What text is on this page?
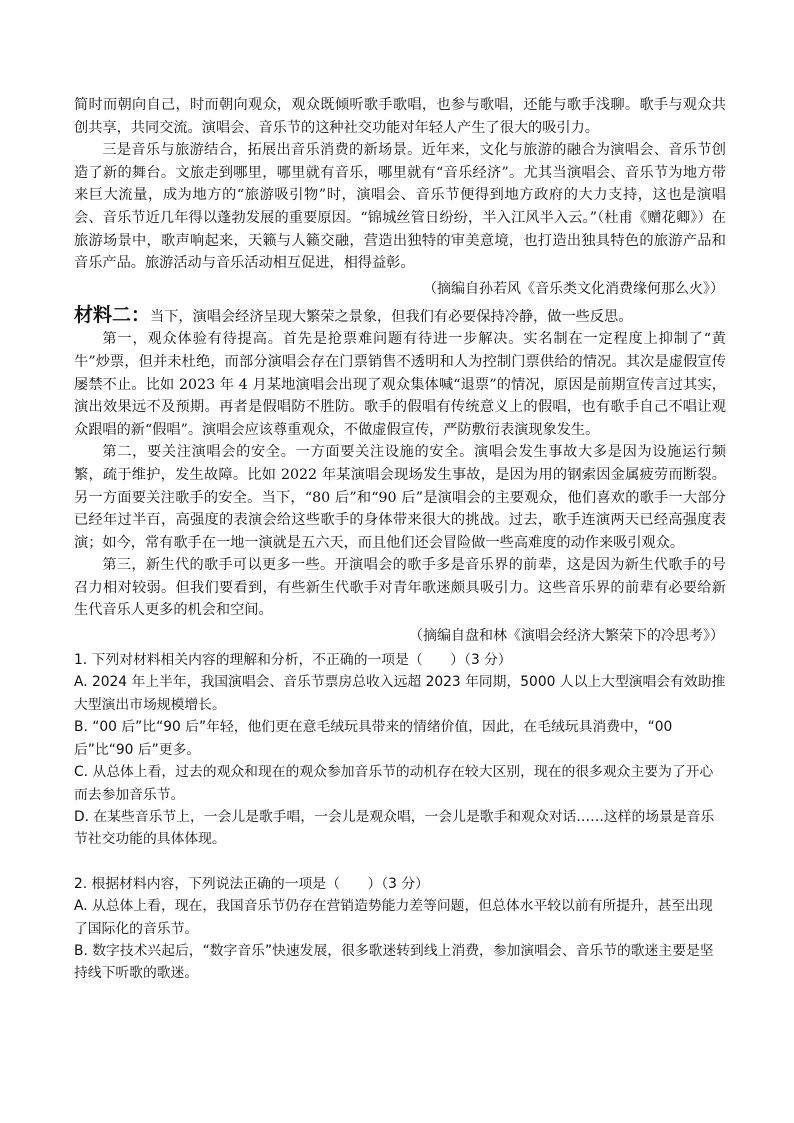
简时而朝向自己，时而朝向观众，观众既倾听歌手歌唱，也参与歌唱，还能与歌手浅聊。歌手与观众共创共享，共同交流。演唱会、音乐节的这种社交功能对年轻人产生了很大的吸引力。

三是音乐与旅游结合，拓展出音乐消费的新场景。近年来，文化与旅游的融合为演唱会、音乐节创造了新的舞台。文旅走到哪里，哪里就有音乐，哪里就有“音乐经济”。尤其当演唱会、音乐节为地方带来巨大流量，成为地方的“旅游吸引物”时，演唱会、音乐节便得到地方政府的大力支持，这也是演唱会、音乐节近几年得以蓬勃发展的重要原因。“锦城丝管日纷纷，半入江风半入云。”（杜甫《赠花卿》）在旅游场景中，歌声响起来，天籁与人籁交融，营造出独特的审美意境，也打造出独具特色的旅游产品和音乐产品。旅游活动与音乐活动相互促进，相得益彰。

（摘编自孙若风《音乐类文化消费缘何那么火》）

材料二：当下，演唱会经济呈现大繁荣之景象，但我们有必要保持冷静，做一些反思。

第一，观众体验有待提高。首先是抢票难问题有待进一步解决。实名制在一定程度上抑制了“黄牛”炒票，但并未杜绝，而部分演唱会存在门票销售不透明和人为控制门票供给的情况。其次是虚假宣传屡禁不止。比如 2023 年 4 月某地演唱会出现了观众集体喊“退票”的情况，原因是前期宣传言过其实，演出效果远不及预期。再者是假唱防不胜防。歌手的假唱有传统意义上的假唱，也有歌手自己不唱让观众跟唱的新“假唱”。演唱会应该尊重观众，不做虚假宣传，严防敷衍表演现象发生。

第二，要关注演唱会的安全。一方面要关注设施的安全。演唱会发生事故大多是因为设施运行频繁，疏于维护，发生故障。比如 2022 年某演唱会现场发生事故，是因为用的钢索因金属疲劳而断裂。另一方面要关注歌手的安全。当下，“80 后”和“90 后”是演唱会的主要观众，他们喜欢的歌手一大部分已经年过半百，高强度的表演会给这些歌手的身体带来很大的挑战。过去，歌手连演两天已经高强度表演；如今，常有歌手在一地一演就是五六天，而且他们还会冒险做一些高难度的动作来吸引观众。

第三，新生代的歌手可以更多一些。开演唱会的歌手多是音乐界的前辈，这是因为新生代歌手的号召力相对较弱。但我们要看到，有些新生代歌手对青年歌迷颇具吸引力。这些音乐界的前辈有必要给新生代音乐人更多的机会和空间。

（摘编自盘和林《演唱会经济大繁荣下的冷思考》）

1. 下列对材料相关内容的理解和分析，不正确的一项是（　　）（3 分）

A. 2024 年上半年，我国演唱会、音乐节票房总收入远超 2023 年同期，5000 人以上大型演唱会有效助推大型演出市场规模增长。

B. “00 后”比“90 后”年轻，他们更在意毛绒玩具带来的情绪价值，因此，在毛绒玩具消费中，“00 后”比“90 后”更多。

C. 从总体上看，过去的观众和现在的观众参加音乐节的动机存在较大区别，现在的很多观众主要为了开心而去参加音乐节。

D. 在某些音乐节上，一会儿是歌手唱，一会儿是观众唱，一会儿是歌手和观众对话……这样的场景是音乐节社交功能的具体体现。

2. 根据材料内容，下列说法正确的一项是（　　）（3 分）

A. 从总体上看，现在，我国音乐节仍存在营销造势能力差等问题，但总体水平较以前有所提升，甚至出现了国际化的音乐节。

B. 数字技术兴起后，“数字音乐”快速发展，很多歌迷转到线上消费，参加演唱会、音乐节的歌迷主要是坚持线下听歌的歌迷。
